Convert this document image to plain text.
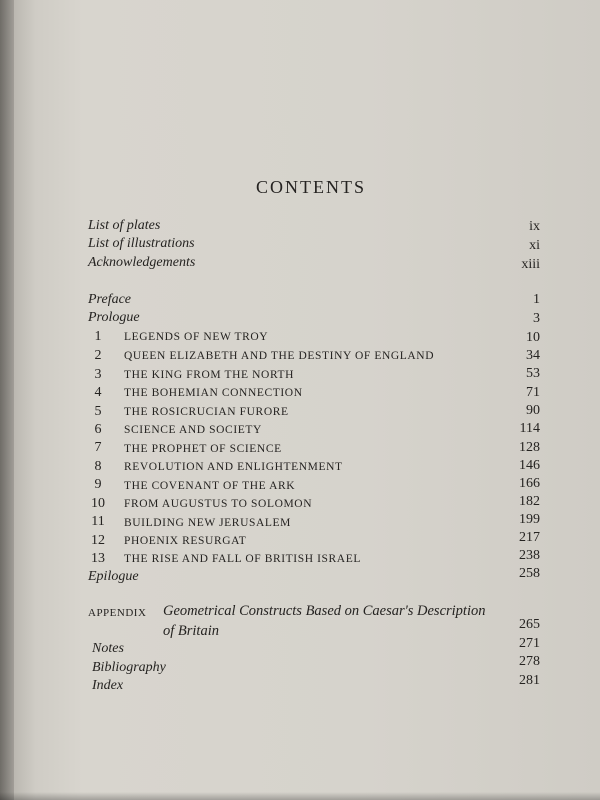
CONTENTS
List of plates	ix
List of illustrations	xi
Acknowledgements	xiii
Preface	1
Prologue	3
1	LEGENDS OF NEW TROY	10
2	QUEEN ELIZABETH AND THE DESTINY OF ENGLAND	34
3	THE KING FROM THE NORTH	53
4	THE BOHEMIAN CONNECTION	71
5	THE ROSICRUCIAN FURORE	90
6	SCIENCE AND SOCIETY	114
7	THE PROPHET OF SCIENCE	128
8	REVOLUTION AND ENLIGHTENMENT	146
9	THE COVENANT OF THE ARK	166
10 FROM AUGUSTUS TO SOLOMON	182
11 BUILDING NEW JERUSALEM	199
12 PHOENIX RESURGAT	217
13 THE RISE AND FALL OF BRITISH ISRAEL	238
Epilogue	258
APPENDIX Geometrical Constructs Based on Caesar's Description
of Britain	265
Notes	271
Bibliography	278
Index	281
